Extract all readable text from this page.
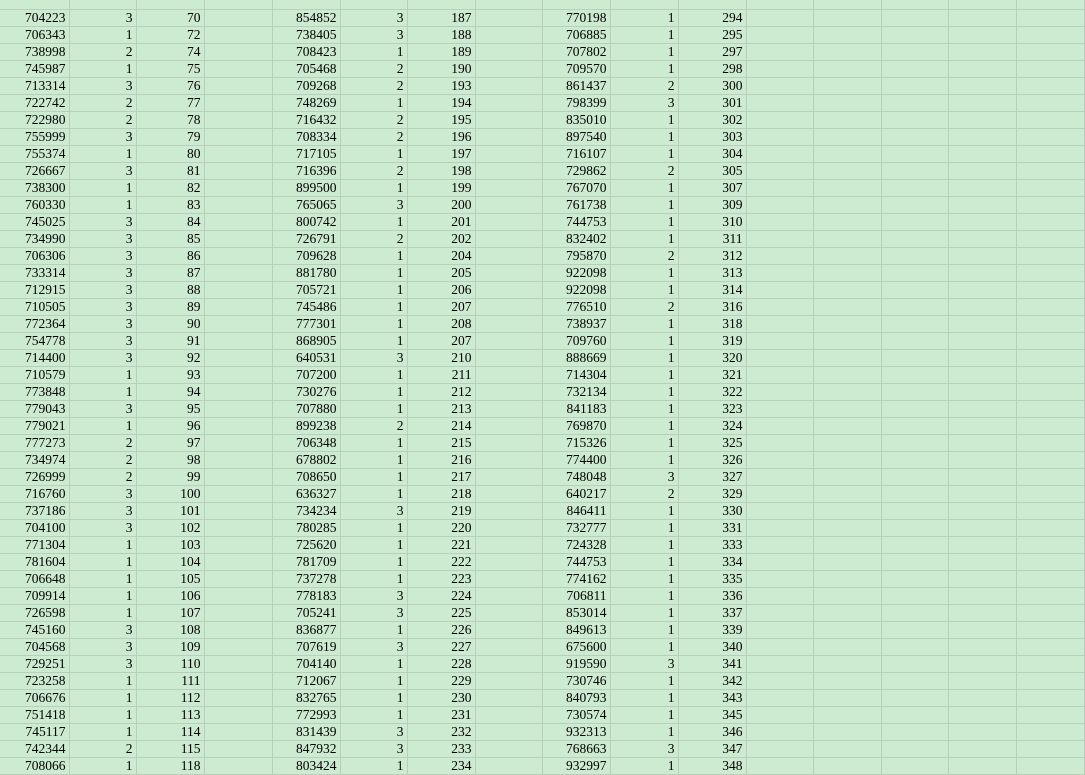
704223	3	70		854852	3	187		770198	1	294					
706343	1	72		738405	3	188		706885	1	295					
738998	2	74		708423	1	189		707802	1	297					
745987	1	75		705468	2	190		709570	1	298					
713314	3	76		709268	2	193		861437	2	300					
722742	2	77		748269	1	194		798399	3	301					
722980	2	78		716432	2	195		835010	1	302					
755999	3	79		708334	2	196		897540	1	303					
755374	1	80		717105	1	197		716107	1	304					
726667	3	81		716396	2	198		729862	2	305					
738300	1	82		899500	1	199		767070	1	307					
760330	1	83		765065	3	200		761738	1	309					
745025	3	84		800742	1	201		744753	1	310					
734990	3	85		726791	2	202		832402	1	311					
706306	3	86		709628	1	204		795870	2	312					
733314	3	87		881780	1	205		922098	1	313					
712915	3	88		705721	1	206		922098	1	314					
710505	3	89		745486	1	207		776510	2	316					
772364	3	90		777301	1	208		738937	1	318					
754778	3	91		868905	1	207		709760	1	319					
714400	3	92		640531	3	210		888669	1	320					
710579	1	93		707200	1	211		714304	1	321					
773848	1	94		730276	1	212		732134	1	322					
779043	3	95		707880	1	213		841183	1	323					
779021	1	96		899238	2	214		769870	1	324					
777273	2	97		706348	1	215		715326	1	325					
734974	2	98		678802	1	216		774400	1	326					
726999	2	99		708650	1	217		748048	3	327					
716760	3	100		636327	1	218		640217	2	329					
737186	3	101		734234	3	219		846411	1	330					
704100	3	102		780285	1	220		732777	1	331					
771304	1	103		725620	1	221		724328	1	333					
781604	1	104		781709	1	222		744753	1	334					
706648	1	105		737278	1	223		774162	1	335					
709914	1	106		778183	3	224		706811	1	336					
726598	1	107		705241	3	225		853014	1	337					
745160	3	108		836877	1	226		849613	1	339					
704568	3	109		707619	3	227		675600	1	340					
729251	3	110		704140	1	228		919590	3	341					
723258	1	111		712067	1	229		730746	1	342					
706676	1	112		832765	1	230		840793	1	343					
751418	1	113		772993	1	231		730574	1	345					
745117	1	114		831439	3	232		932313	1	346					
742344	2	115		847932	3	233		768663	3	347					
708066	1	118		803424	1	234		932997	1	348					
